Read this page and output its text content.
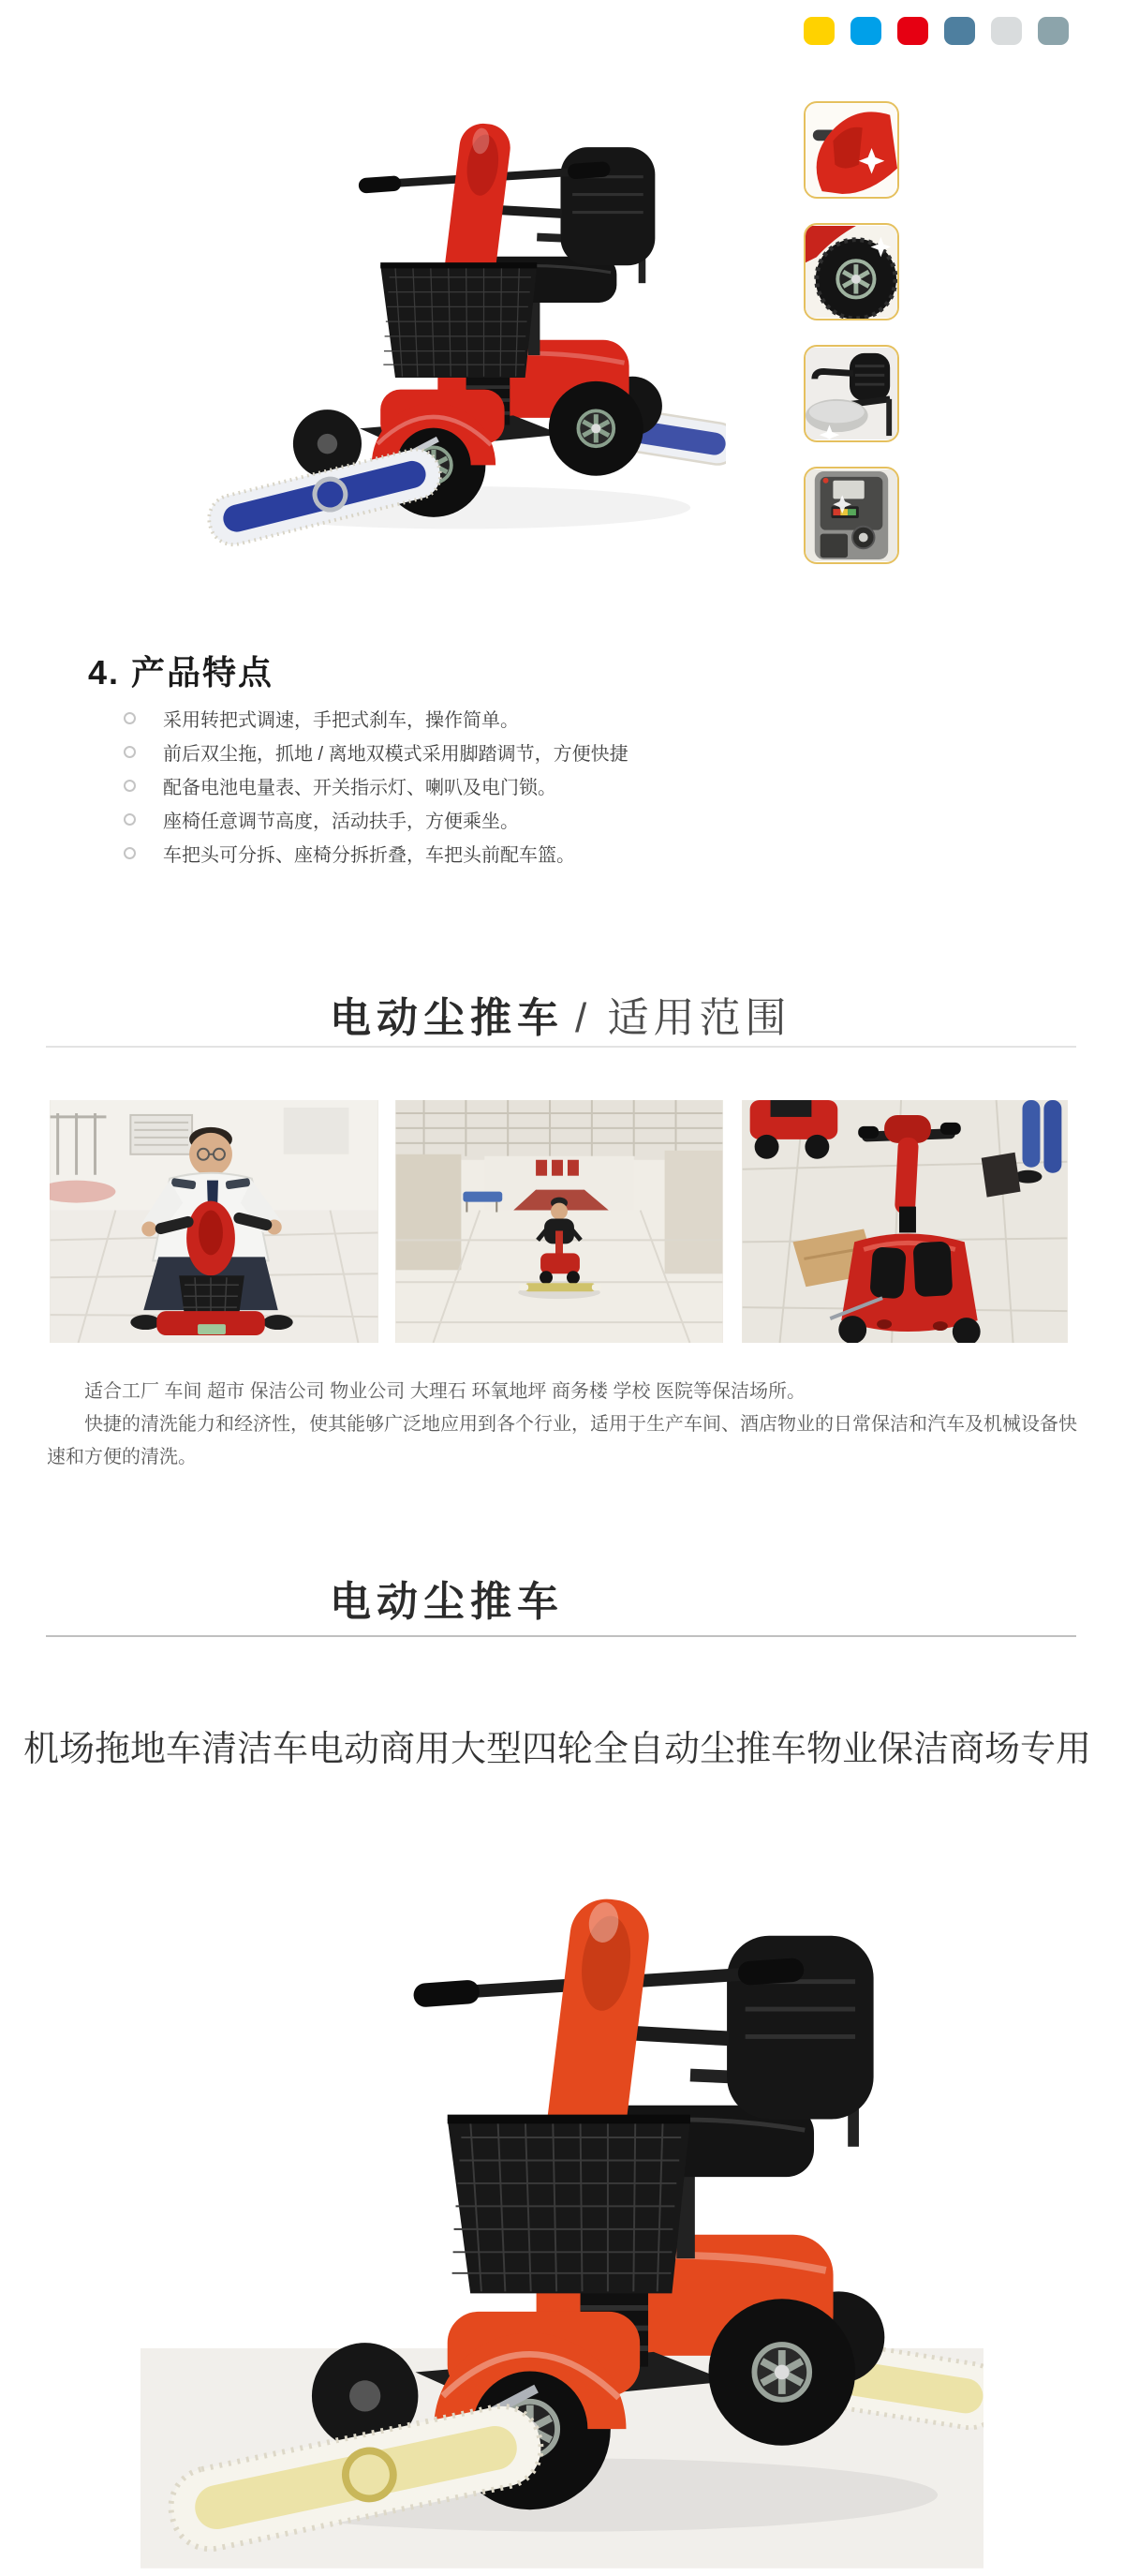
4. 产品特点
采用转把式调速，手把式刹车，操作简单。
前后双尘拖，抓地 / 离地双模式采用脚踏调节，方便快捷
配备电池电量表、开关指示灯、喇叭及电门锁。
座椅任意调节高度，活动扶手，方便乘坐。
车把头可分拆、座椅分拆折叠，车把头前配车篮。
电动尘推车 / 适用范围

适合工厂 车间 超市 保洁公司 物业公司 大理石 环氧地坪 商务楼 学校 医院等保洁场所。

快捷的清洗能力和经济性，使其能够广泛地应用到各个行业，适用于生产车间、酒店物业的日常保洁和汽车及机械设备快速和方便的清洗。

电动尘推车
机场拖地车清洁车电动商用大型四轮全自动尘推车物业保洁商场专用
